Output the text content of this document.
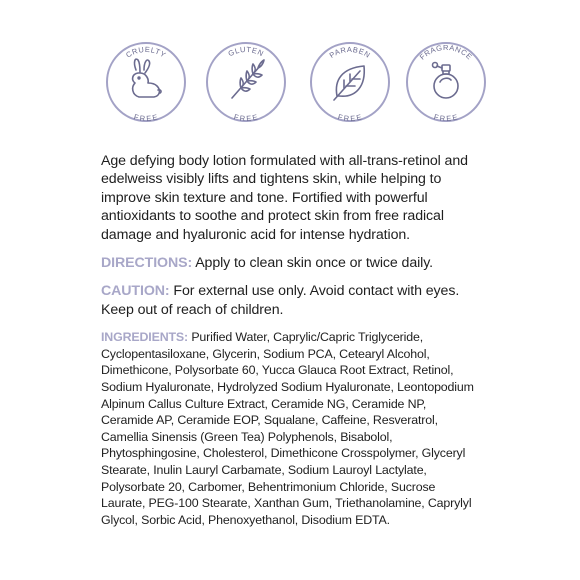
CRUELTY
FREE
GLUTEN
FREE
PARABEN
FREE
FRAGRANCE
FREE

Age defying body lotion formulated with all-trans-retinol and edelweiss visibly lifts and tightens skin, while helping to improve skin texture and tone. Fortified with powerful antioxidants to soothe and protect skin from free radical damage and hyaluronic acid for intense hydration.

DIRECTIONS: Apply to clean skin once or twice daily.

CAUTION: For external use only. Avoid contact with eyes. Keep out of reach of children.

INGREDIENTS: Purified Water, Caprylic/Capric Triglyceride, Cyclopentasiloxane, Glycerin, Sodium PCA, Cetearyl Alcohol, Dimethicone, Polysorbate 60, Yucca Glauca Root Extract, Retinol, Sodium Hyaluronate, Hydrolyzed Sodium Hyaluronate, Leontopodium Alpinum Callus Culture Extract, Ceramide NG, Ceramide NP, Ceramide AP, Ceramide EOP, Squalane, Caffeine, Resveratrol, Camellia Sinensis (Green Tea) Polyphenols, Bisabolol, Phytosphingosine, Cholesterol, Dimethicone Crosspolymer, Glyceryl Stearate, Inulin Lauryl Carbamate, Sodium Lauroyl Lactylate, Polysorbate 20, Carbomer, Behentrimonium Chloride, Sucrose Laurate, PEG-100 Stearate, Xanthan Gum, Triethanolamine, Caprylyl Glycol, Sorbic Acid, Phenoxyethanol, Disodium EDTA.
